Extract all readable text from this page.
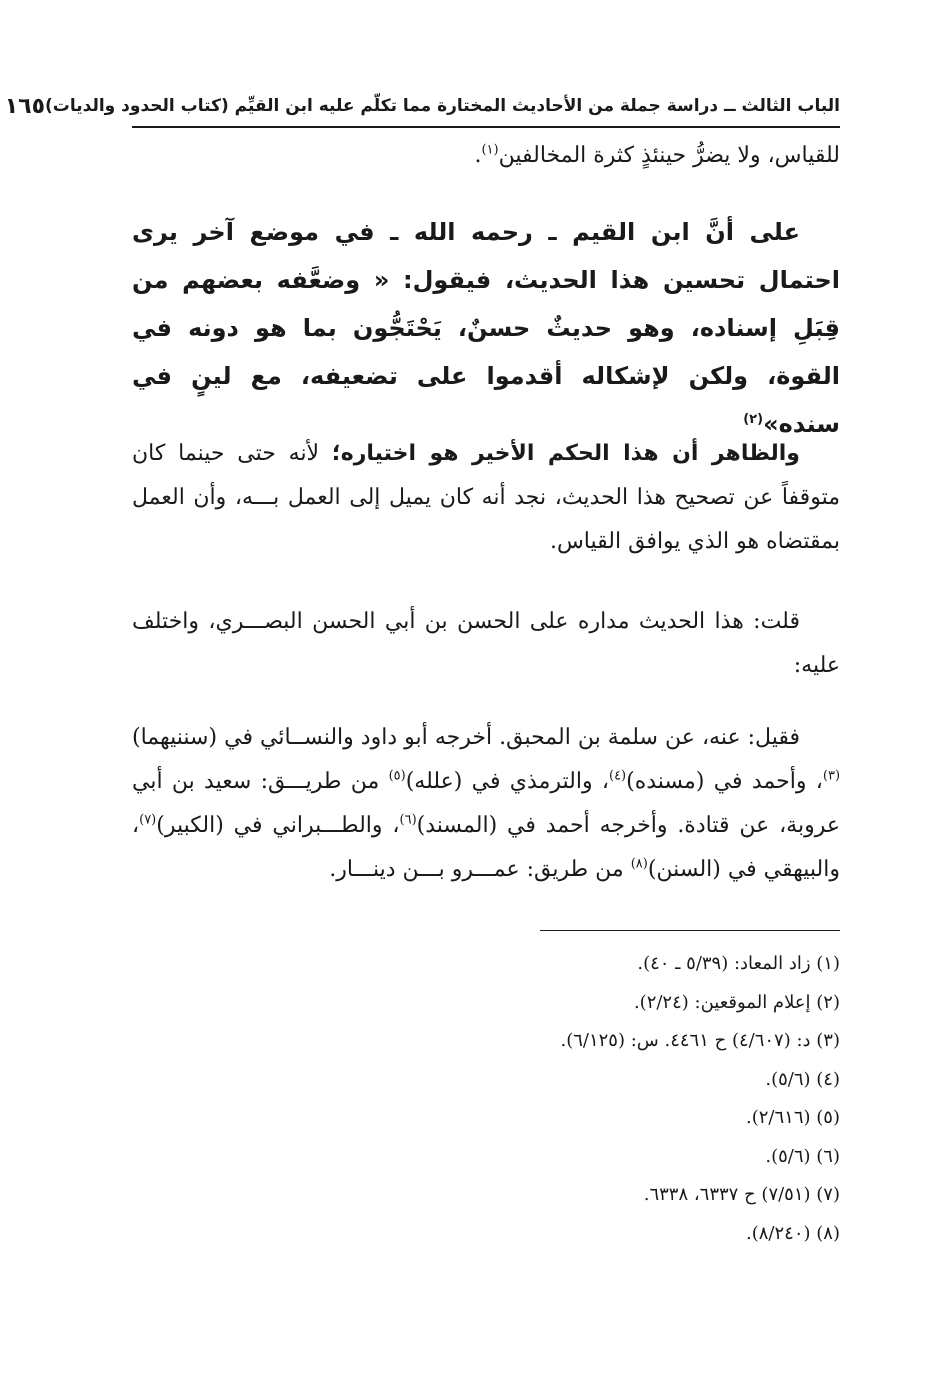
الباب الثالث ــ دراسة جملة من الأحاديث المختارة مما تكلّم عليه ابن القيِّم (كتاب الحدود والديات)
١٦٥

للقياس، ولا يضرُّ حينئذٍ كثرة المخالفين$^{(١)}$.

على أنَّ ابن القيم ـ رحمه الله ـ في موضع آخر يرى احتمال تحسين هذا الحديث، فيقول: « وضعَّفه بعضهم من قِبَلِ إسناده، وهو حديثٌ حسنٌ، يَحْتَجُّون بما هو دونه في القوة، ولكن لإشكاله أقدموا على تضعيفه، مع لينٍ في سنده»$^{(٢)}$

والظاهر أن هذا الحكم الأخير هو اختياره؛ لأنه حتى حينما كان متوقفاً عن تصحيح هذا الحديث، نجد أنه كان يميل إلى العمل بـــه، وأن العمل بمقتضاه هو الذي يوافق القياس.

قلت: هذا الحديث مداره على الحسن بن أبي الحسن البصـــري، واختلف عليه:

فقيل: عنه، عن سلمة بن المحبق. أخرجه أبو داود والنســائي في (سننيهما)$^{(٣)}$، وأحمد في (مسنده)$^{(٤)}$، والترمذي في (علله)$^{(٥)}$ من طريـــق: سعيد بن أبي عروبة، عن قتادة. وأخرجه أحمد في (المسند)$^{(٦)}$، والطـــبراني في (الكبير)$^{(٧)}$، والبيهقي في (السنن)$^{(٨)}$ من طريق: عمـــرو بـــن دينـــار.

(١) زاد المعاد: (٥/٣٩ ـ ٤٠).
(٢) إعلام الموقعين: (٢/٢٤).
(٣) د: (٤/٦٠٧) ح ٤٤٦١. س: (٦/١٢٥).
(٤) (٥/٦).
(٥) (٢/٦١٦).
(٦) (٥/٦).
(٧) (٧/٥١) ح ٦٣٣٧، ٦٣٣٨.
(٨) (٨/٢٤٠).
